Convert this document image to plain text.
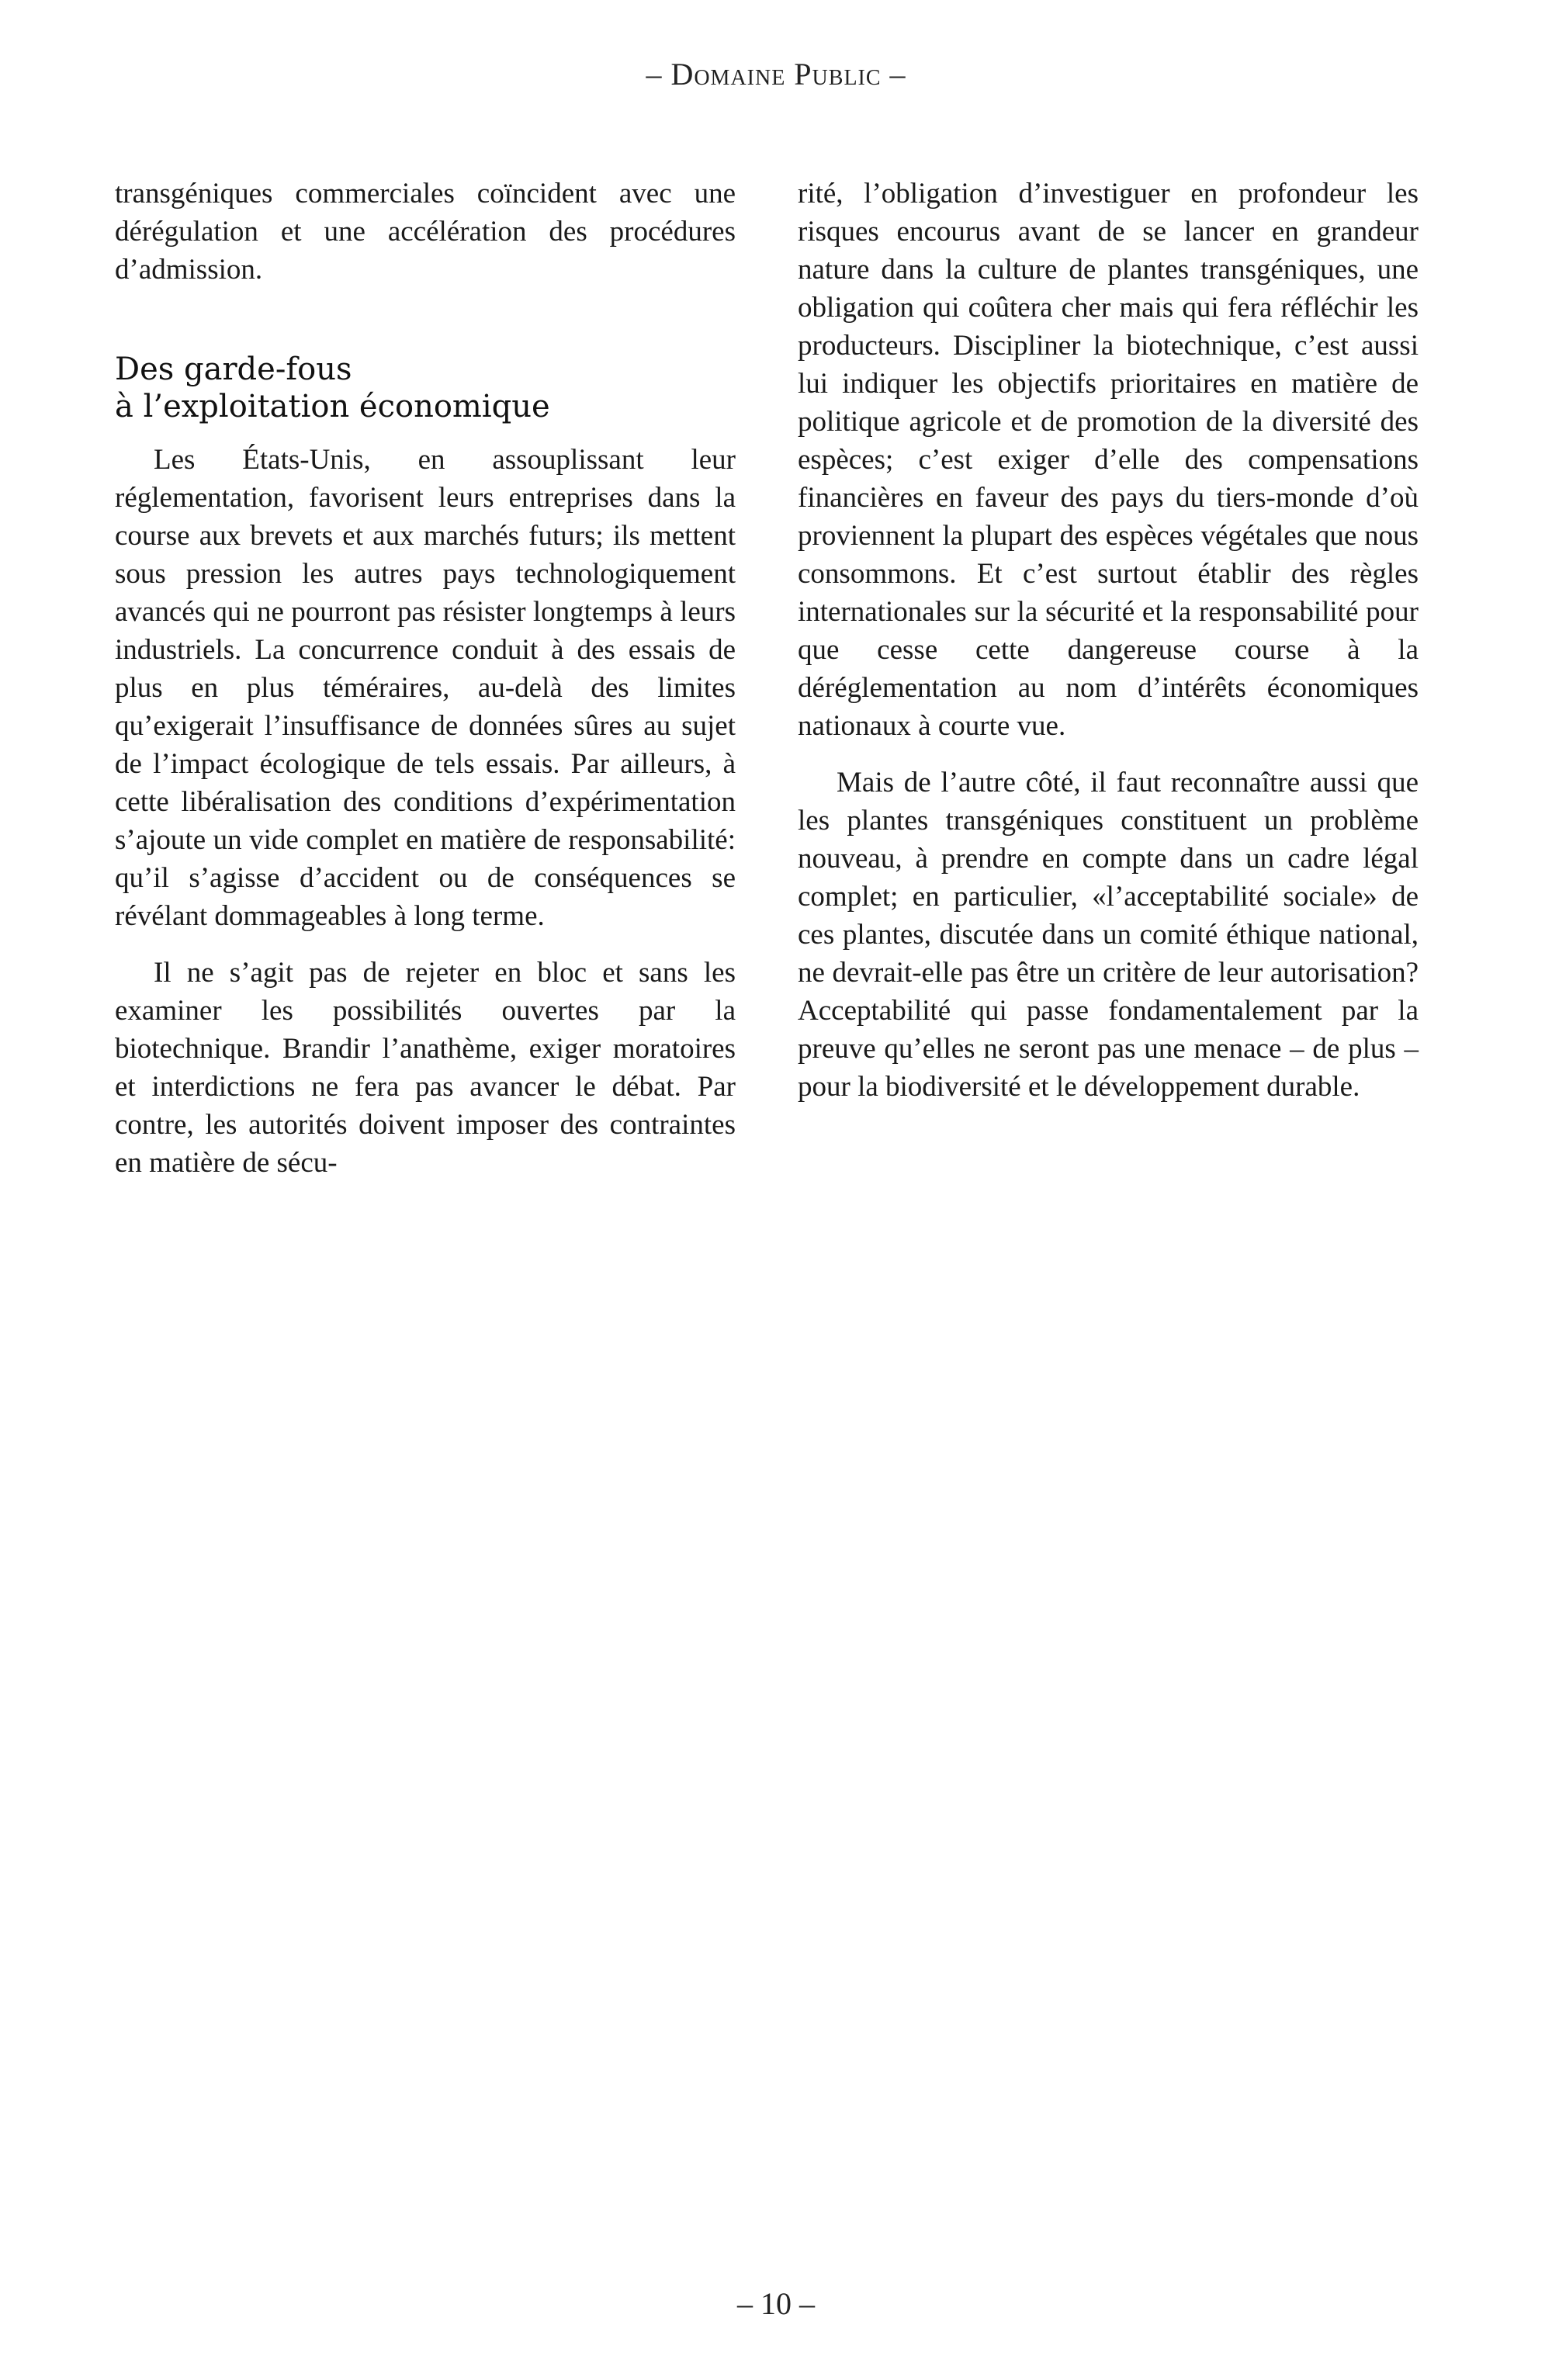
– Domaine Public –

transgéniques commerciales coïncident avec une dérégulation et une accélération des procédures d’admission.

Des garde-fous
à l’exploitation économique

Les États-Unis, en assouplissant leur réglementation, favorisent leurs entreprises dans la course aux brevets et aux marchés futurs; ils mettent sous pression les autres pays technologiquement avancés qui ne pourront pas résister longtemps à leurs industriels. La concurrence conduit à des essais de plus en plus téméraires, au-delà des limites qu’exigerait l’insuffisance de données sûres au sujet de l’impact écologique de tels essais. Par ailleurs, à cette libéralisation des conditions d’expérimentation s’ajoute un vide complet en matière de responsabilité: qu’il s’agisse d’accident ou de conséquences se révélant dommageables à long terme.

Il ne s’agit pas de rejeter en bloc et sans les examiner les possibilités ouvertes par la biotechnique. Brandir l’anathème, exiger moratoires et interdictions ne fera pas avancer le débat. Par contre, les autorités doivent imposer des contraintes en matière de sécu-

rité, l’obligation d’investiguer en profondeur les risques encourus avant de se lancer en grandeur nature dans la culture de plantes transgéniques, une obligation qui coûtera cher mais qui fera réfléchir les producteurs. Discipliner la biotechnique, c’est aussi lui indiquer les objectifs prioritaires en matière de politique agricole et de promotion de la diversité des espèces; c’est exiger d’elle des compensations financières en faveur des pays du tiers-monde d’où proviennent la plupart des espèces végétales que nous consommons. Et c’est surtout établir des règles internationales sur la sécurité et la responsabilité pour que cesse cette dangereuse course à la déréglementation au nom d’intérêts économiques nationaux à courte vue.

Mais de l’autre côté, il faut reconnaître aussi que les plantes transgéniques constituent un problème nouveau, à prendre en compte dans un cadre légal complet; en particulier, «l’acceptabilité sociale» de ces plantes, discutée dans un comité éthique national, ne devrait-elle pas être un critère de leur autorisation? Acceptabilité qui passe fondamentalement par la preuve qu’elles ne seront pas une menace – de plus – pour la biodiversité et le développement durable.

– 10 –
